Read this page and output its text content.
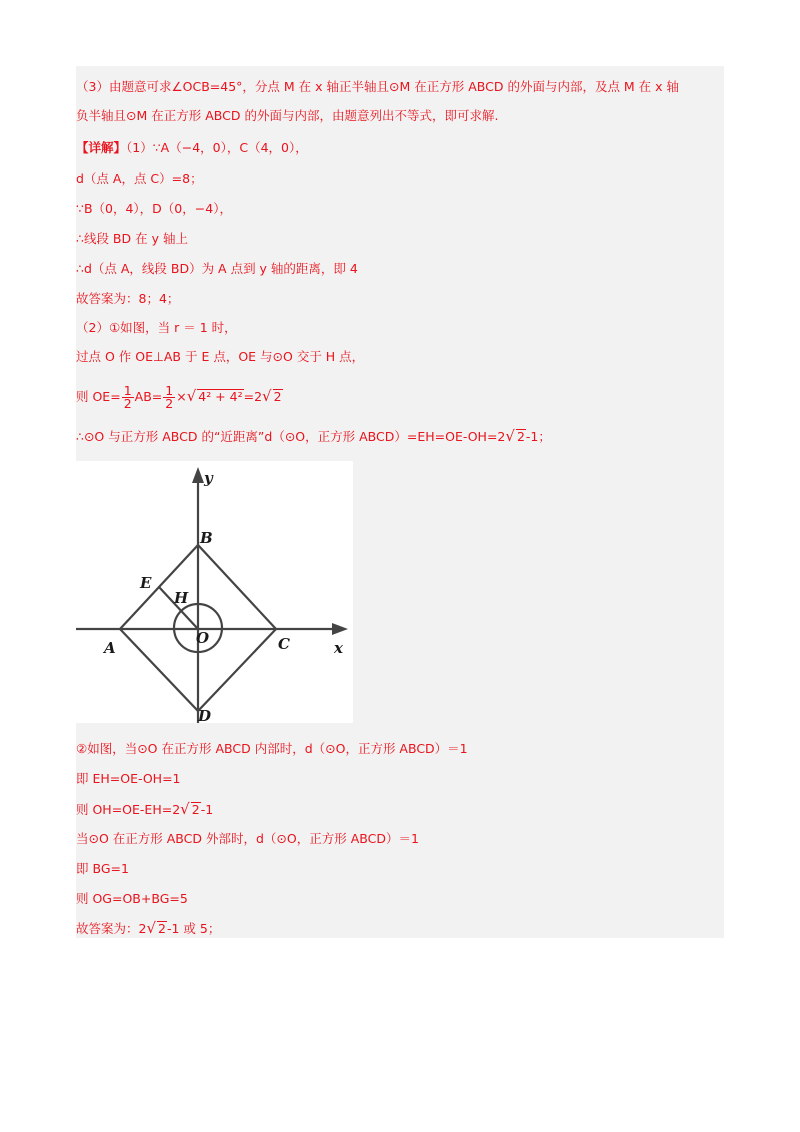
（3）由题意可求∠OCB=45°，分点 M 在 x 轴正半轴且⊙M 在正方形 ABCD 的外面与内部，及点 M 在 x 轴
负半轴且⊙M 在正方形 ABCD 的外面与内部，由题意列出不等式，即可求解.
【详解】（1）∵A（−4，0），C（4，0），
d（点 A，点 C）=8；
∵B（0，4），D（0，−4），
∴线段 BD 在 y 轴上
∴d（点 A，线段 BD）为 A 点到 y 轴的距离，即 4
故答案为：8；4；
（2）①如图，当 r ＝ 1 时，
过点 O 作 OE⊥AB 于 E 点，OE 与⊙O 交于 H 点，
则 $OE= \frac{1}{2} AB= \frac{1}{2}$ ×√ 4² + 4²=2√ 2
∴⊙O 与正方形 ABCD 的“近距离”d（⊙O，正方形 ABCD）=EH=OE-OH=2√ 2-1；
y
x
B
E
H
O
A	C
D
②如图，当⊙O 在正方形 ABCD 内部时，d（⊙O，正方形 ABCD）＝1
即 EH=OE-OH=1
则 OH=OE-EH=2√ 2-1
当⊙O 在正方形 ABCD 外部时，d（⊙O，正方形 ABCD）＝1
即 BG=1
则 OG=OB+BG=5
故答案为：2√ 2-1 或 5；
